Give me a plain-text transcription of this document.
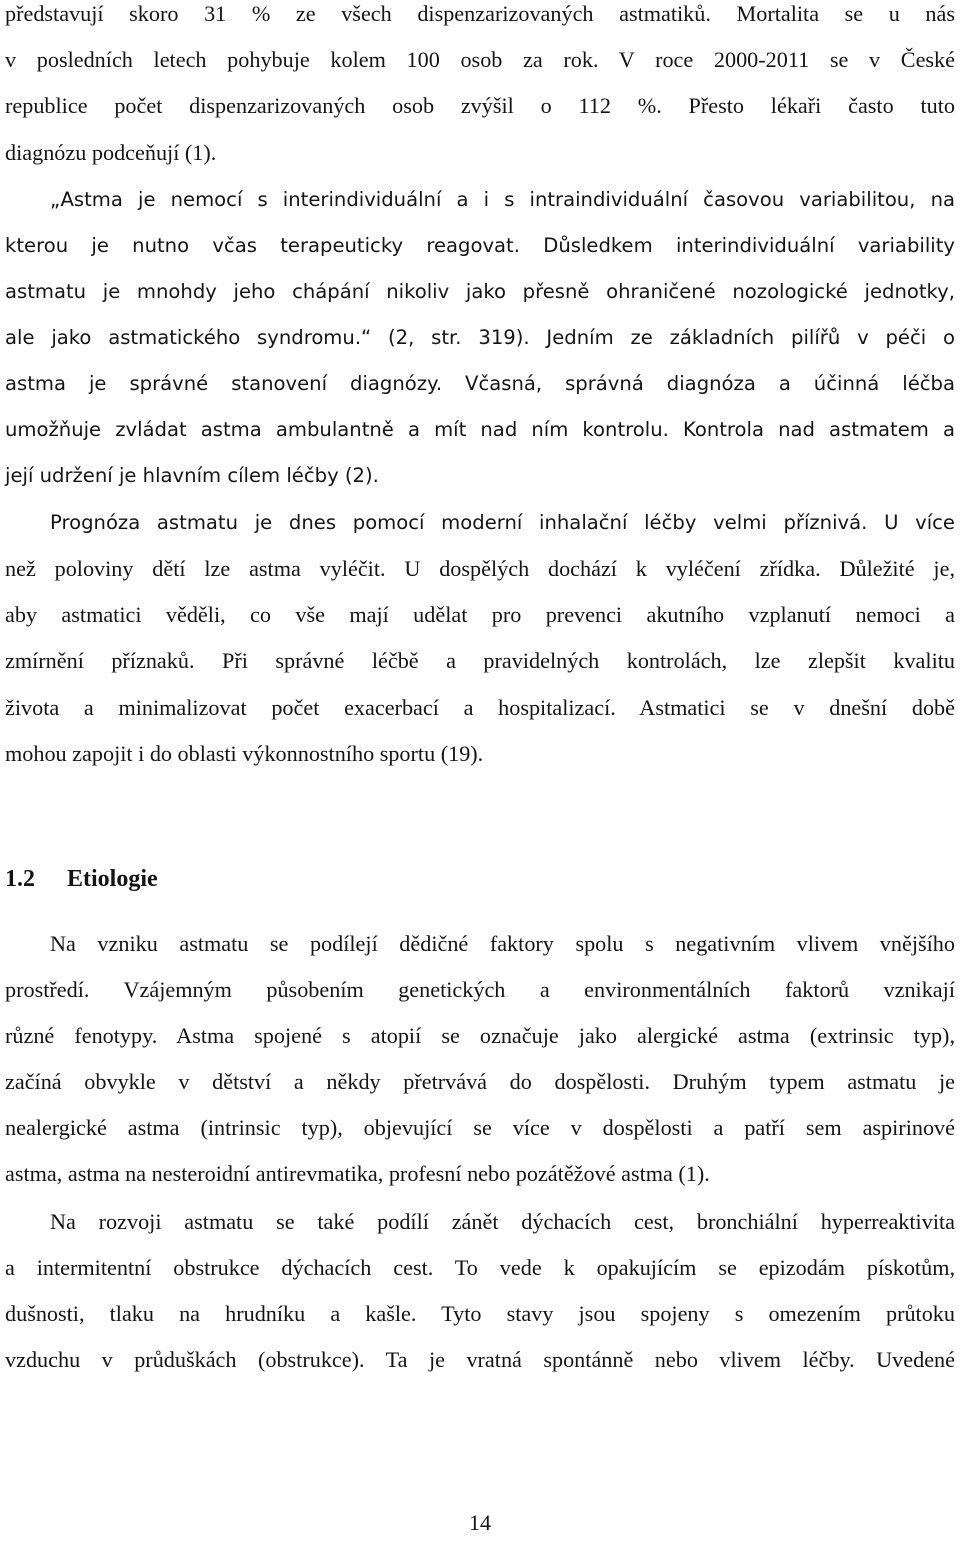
představují skoro 31 % ze všech dispenzarizovaných astmatiků. Mortalita se u nás
v posledních letech pohybuje kolem 100 osob za rok. V roce 2000-2011 se v České
republice počet dispenzarizovaných osob zvýšil o 112 %. Přesto lékaři často tuto
diagnózu podceňují (1).
„Astma je nemocí s interindividuální a i s intraindividuální časovou variabilitou, na
kterou je nutno včas terapeuticky reagovat. Důsledkem interindividuální variability
astmatu je mnohdy jeho chápání nikoliv jako přesně ohraničené nozologické jednotky,
ale jako astmatického syndromu.“ (2, str. 319). Jedním ze základních pilířů v péči o
astma je správné stanovení diagnózy. Včasná, správná diagnóza a účinná léčba
umožňuje zvládat astma ambulantně a mít nad ním kontrolu. Kontrola nad astmatem a
její udržení je hlavním cílem léčby (2).
Prognóza astmatu je dnes pomocí moderní inhalační léčby velmi příznivá. U více
než poloviny dětí lze astma vyléčit. U dospělých dochází k vyléčení zřídka. Důležité je,
aby astmatici věděli, co vše mají udělat pro prevenci akutního vzplanutí nemoci a
zmírnění příznaků. Při správné léčbě a pravidelných kontrolách, lze zlepšit kvalitu
života a minimalizovat počet exacerbací a hospitalizací. Astmatici se v dnešní době
mohou zapojit i do oblasti výkonnostního sportu (19).
1.2 Etiologie
Na vzniku astmatu se podílejí dědičné faktory spolu s negativním vlivem vnějšího
prostředí. Vzájemným působením genetických a environmentálních faktorů vznikají
různé fenotypy. Astma spojené s atopií se označuje jako alergické astma (extrinsic typ),
začíná obvykle v dětství a někdy přetrvává do dospělosti. Druhým typem astmatu je
nealergické astma (intrinsic typ), objevující se více v dospělosti a patří sem aspirinové
astma, astma na nesteroidní antirevmatika, profesní nebo pozátěžové astma (1).
Na rozvoji astmatu se také podílí zánět dýchacích cest, bronchiální hyperreaktivita
a intermitentní obstrukce dýchacích cest. To vede k opakujícím se epizodám pískotům,
dušnosti, tlaku na hrudníku a kašle. Tyto stavy jsou spojeny s omezením průtoku
vzduchu v průduškách (obstrukce). Ta je vratná spontánně nebo vlivem léčby. Uvedené
14
